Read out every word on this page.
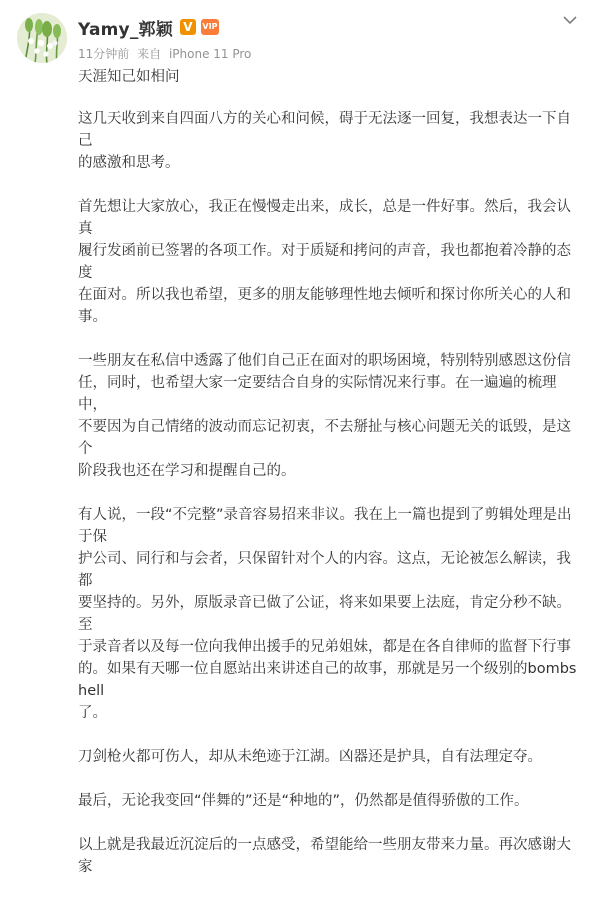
Yamy_郭颖 V	VIP
11分钟前 来自 iPhone 11 Pro

天涯知己如相问

这几天收到来自四面八方的关心和问候，碍于无法逐一回复，我想表达一下自己
的感激和思考。

首先想让大家放心，我正在慢慢走出来，成长，总是一件好事。然后，我会认真
履行发函前已签署的各项工作。对于质疑和拷问的声音，我也都抱着冷静的态度
在面对。所以我也希望，更多的朋友能够理性地去倾听和探讨你所关心的人和
事。

一些朋友在私信中透露了他们自己正在面对的职场困境，特别特别感恩这份信
任，同时，也希望大家一定要结合自身的实际情况来行事。在一遍遍的梳理中，
不要因为自己情绪的波动而忘记初衷，不去掰扯与核心问题无关的诋毁，是这个
阶段我也还在学习和提醒自己的。

有人说，一段“不完整”录音容易招来非议。我在上一篇也提到了剪辑处理是出于保
护公司、同行和与会者，只保留针对个人的内容。这点，无论被怎么解读，我都
要坚持的。另外，原版录音已做了公证，将来如果要上法庭，肯定分秒不缺。至
于录音者以及每一位向我伸出援手的兄弟姐妹，都是在各自律师的监督下行事
的。如果有天哪一位自愿站出来讲述自己的故事，那就是另一个级别的bombshell
了。

刀剑枪火都可伤人，却从未绝迹于江湖。凶器还是护具，自有法理定夺。

最后，无论我变回“伴舞的”还是“种地的”，仍然都是值得骄傲的工作。

以上就是我最近沉淀后的一点感受，希望能给一些朋友带来力量。再次感谢大家
